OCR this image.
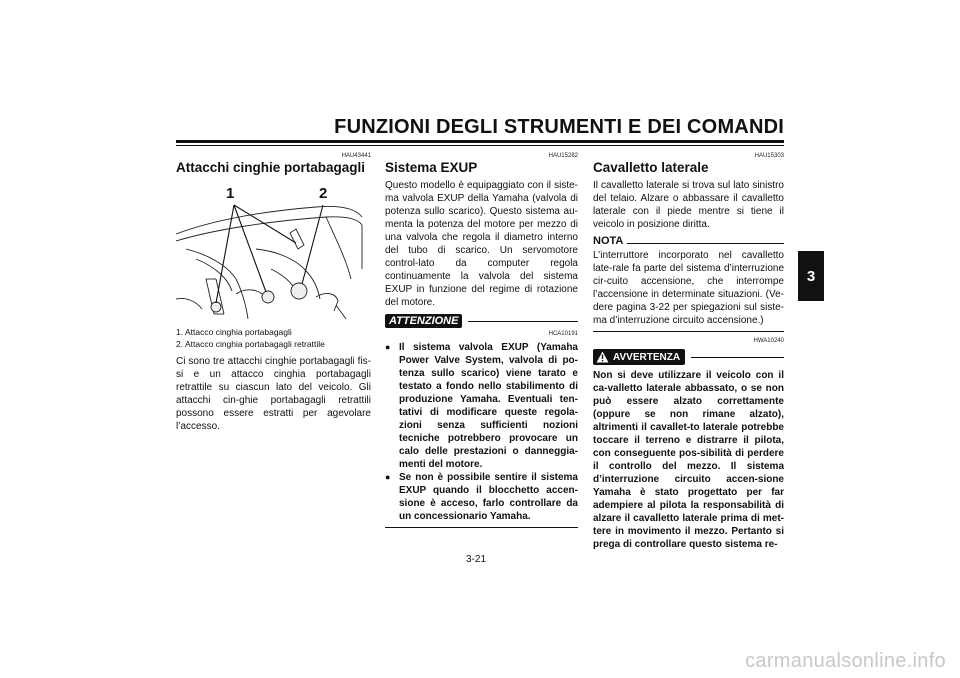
FUNZIONI DEGLI STRUMENTI E DEI COMANDI
3
HAU43441
Attacchi cinghie portabagagli
1	2
1. Attacco cinghia portabagagli
2. Attacco cinghia portabagagli retrattile

Ci sono tre attacchi cinghie portabagagli fis-si e un attacco cinghia portabagagli retrattile su ciascun lato del veicolo. Gli attacchi cin-ghie portabagagli retrattili possono essere estratti per agevolare l’accesso.

HAU15282
Sistema EXUP

Questo modello è equipaggiato con il siste-ma valvola EXUP della Yamaha (valvola di potenza sullo scarico). Questo sistema au-menta la potenza del motore per mezzo di una valvola che regola il diametro interno del tubo di scarico. Un servomotore control-lato da computer regola continuamente la valvola del sistema EXUP in funzione del regime di rotazione del motore.

ATTENZIONE
HCA10191
● Il sistema valvola EXUP (Yamaha Power Valve System, valvola di po-tenza sullo scarico) viene tarato e testato a fondo nello stabilimento di produzione Yamaha. Eventuali ten-tativi di modificare queste regola-zioni senza sufficienti nozioni tecniche potrebbero provocare un calo delle prestazioni o danneggia-menti del motore.
● Se non è possibile sentire il sistema EXUP quando il blocchetto accen-sione è acceso, farlo controllare da un concessionario Yamaha.
HAU15303
Cavalletto laterale

Il cavalletto laterale si trova sul lato sinistro del telaio. Alzare o abbassare il cavalletto laterale con il piede mentre si tiene il veicolo in posizione diritta.

NOTA

L’interruttore incorporato nel cavalletto late-rale fa parte del sistema d’interruzione cir-cuito accensione, che interrompe l’accensione in determinate situazioni. (Ve-dere pagina 3-22 per spiegazioni sul siste-ma d’interruzione circuito accensione.)

HWA10240
AVVERTENZA

Non si deve utilizzare il veicolo con il ca-valletto laterale abbassato, o se non può essere alzato correttamente (oppure se non rimane alzato), altrimenti il cavallet-to laterale potrebbe toccare il terreno e distrarre il pilota, con conseguente pos-sibilità di perdere il controllo del mezzo. Il sistema d’interruzione circuito accen-sione Yamaha è stato progettato per far adempiere al pilota la responsabilità di alzare il cavalletto laterale prima di met-tere in movimento il mezzo. Pertanto si prega di controllare questo sistema re-

3-21
carmanualsonline.info
